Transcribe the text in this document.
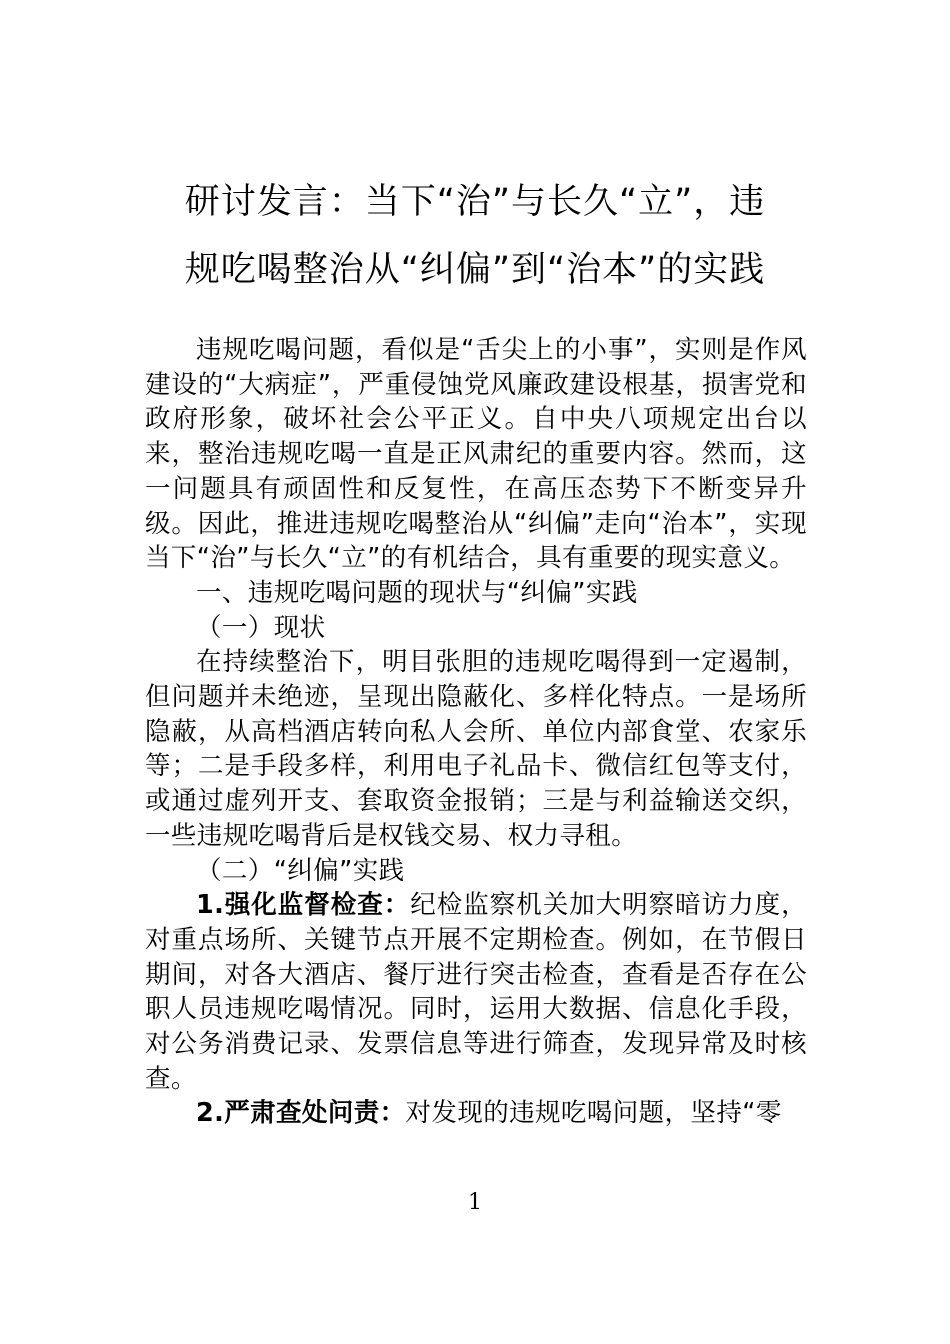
研讨发言：当下“治”与长久“立”，违
规吃喝整治从“纠偏”到“治本”的实践

违规吃喝问题，看似是“舌尖上的小事”，实则是作风建设的“大病症”，严重侵蚀党风廉政建设根基，损害党和政府形象，破坏社会公平正义。自中央八项规定出台以来，整治违规吃喝一直是正风肃纪的重要内容。然而，这一问题具有顽固性和反复性，在高压态势下不断变异升级。因此，推进违规吃喝整治从“纠偏”走向“治本”，实现当下“治”与长久“立”的有机结合，具有重要的现实意义。

一、违规吃喝问题的现状与“纠偏”实践

（一）现状

在持续整治下，明目张胆的违规吃喝得到一定遏制，但问题并未绝迹，呈现出隐蔽化、多样化特点。一是场所隐蔽，从高档酒店转向私人会所、单位内部食堂、农家乐等；二是手段多样，利用电子礼品卡、微信红包等支付，或通过虚列开支、套取资金报销；三是与利益输送交织，一些违规吃喝背后是权钱交易、权力寻租。

（二）“纠偏”实践

1.强化监督检查：纪检监察机关加大明察暗访力度，对重点场所、关键节点开展不定期检查。例如，在节假日期间，对各大酒店、餐厅进行突击检查，查看是否存在公职人员违规吃喝情况。同时，运用大数据、信息化手段，对公务消费记录、发票信息等进行筛查，发现异常及时核查。

2.严肃查处问责：对发现的违规吃喝问题，坚持“零

1
